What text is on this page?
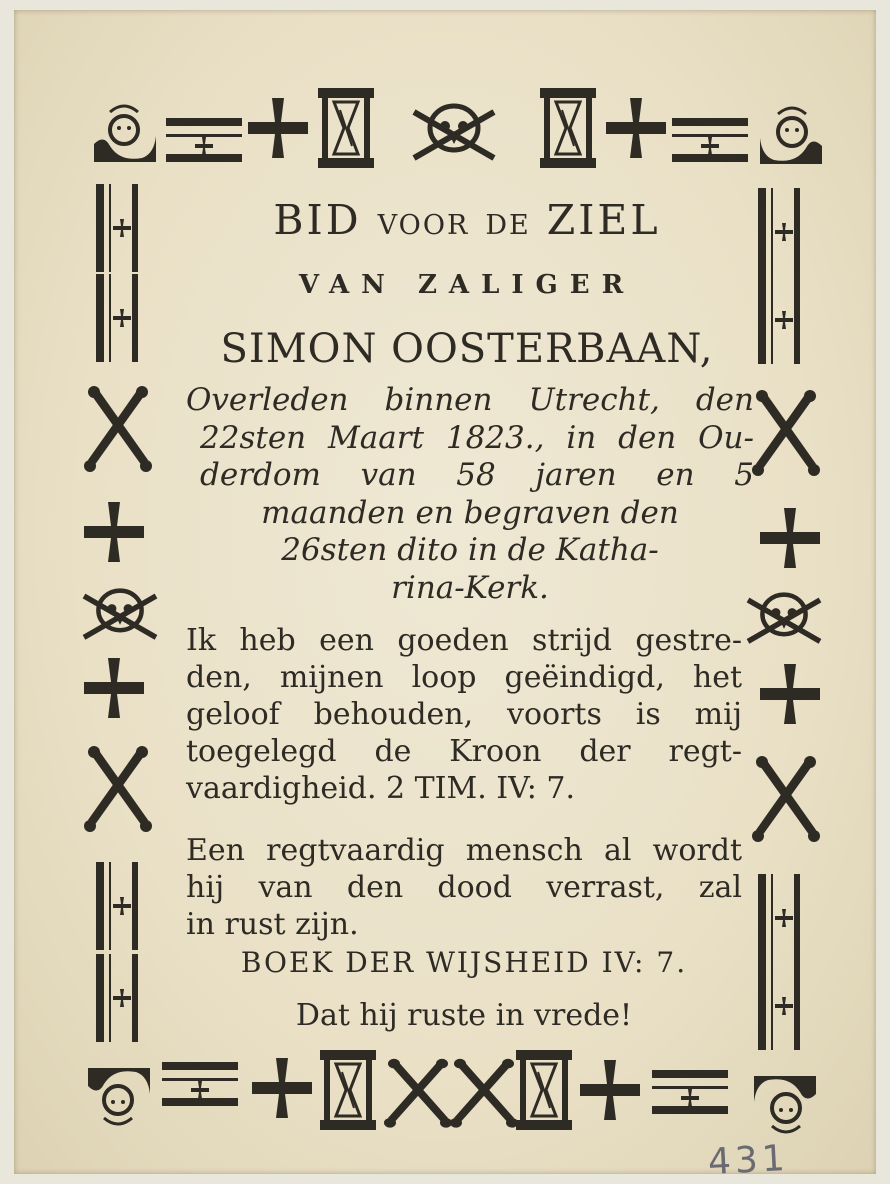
BID VOOR DE ZIEL
VAN ZALIGER
SIMON OOSTERBAAN,
Overleden binnen Utrecht, den
22sten Maart 1823., in den Ou-
derdom van 58 jaren en 5
maanden en begraven den
26sten dito in de Katha-
rina-Kerk.
Ik heb een goeden strijd gestre-
den, mijnen loop geëindigd, het
geloof behouden, voorts is mij
toegelegd de Kroon der regt-
vaardigheid. 2 TIM. IV: 7.
Een regtvaardig mensch al wordt
hij van den dood verrast, zal
in rust zijn.
BOEK DER WIJSHEID IV: 7.
Dat hij ruste in vrede!
431
